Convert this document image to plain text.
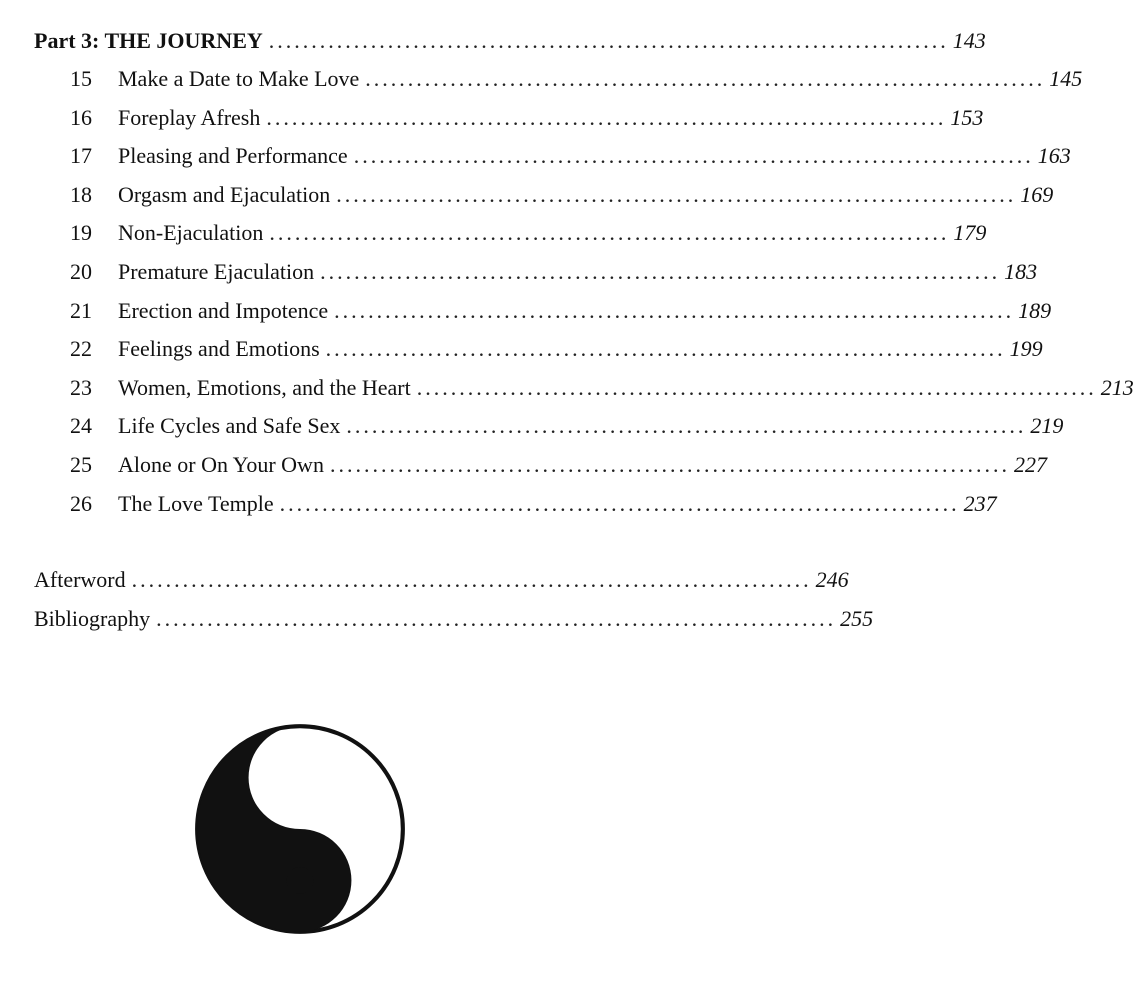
Part 3: THE JOURNEY ................................................................................ 143
15	Make a Date to Make Love ................................................................................ 145
16	Foreplay Afresh ................................................................................ 153
17	Pleasing and Performance ................................................................................ 163
18	Orgasm and Ejaculation ................................................................................ 169
19	Non-Ejaculation ................................................................................ 179
20	Premature Ejaculation ................................................................................ 183
21	Erection and Impotence ................................................................................ 189
22	Feelings and Emotions ................................................................................ 199
23	Women, Emotions, and the Heart ................................................................................ 213
24	Life Cycles and Safe Sex ................................................................................ 219
25	Alone or On Your Own ................................................................................ 227
26	The Love Temple ................................................................................ 237
Afterword ................................................................................ 246
Bibliography ................................................................................ 255
